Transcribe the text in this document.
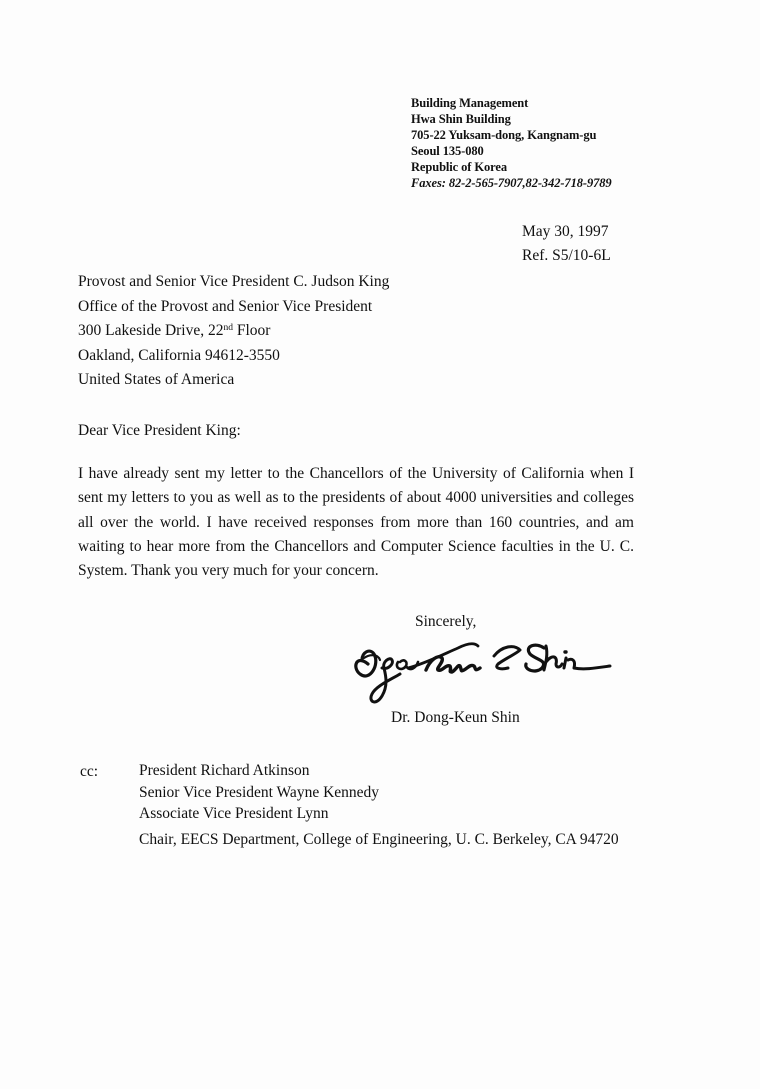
Building Management
Hwa Shin Building
705-22 Yuksam-dong, Kangnam-gu
Seoul 135-080
Republic of Korea
Faxes: 82-2-565-7907,82-342-718-9789
May 30, 1997
Ref. S5/10-6L
Provost and Senior Vice President C. Judson King
Office of the Provost and Senior Vice President
300 Lakeside Drive, 22nd Floor
Oakland, California 94612-3550
United States of America
Dear Vice President King:
I have already sent my letter to the Chancellors of the University of California when I sent my letters to you as well as to the presidents of about 4000 universities and colleges all over the world. I have received responses from more than 160 countries, and am waiting to hear more from the Chancellors and Computer Science faculties in the U. C. System. Thank you very much for your concern.
Sincerely,
Dr. Dong-Keun Shin
cc:	President Richard Atkinson
Senior Vice President Wayne Kennedy
Associate Vice President Lynn
Chair, EECS Department, College of Engineering, U. C. Berkeley, CA 94720
